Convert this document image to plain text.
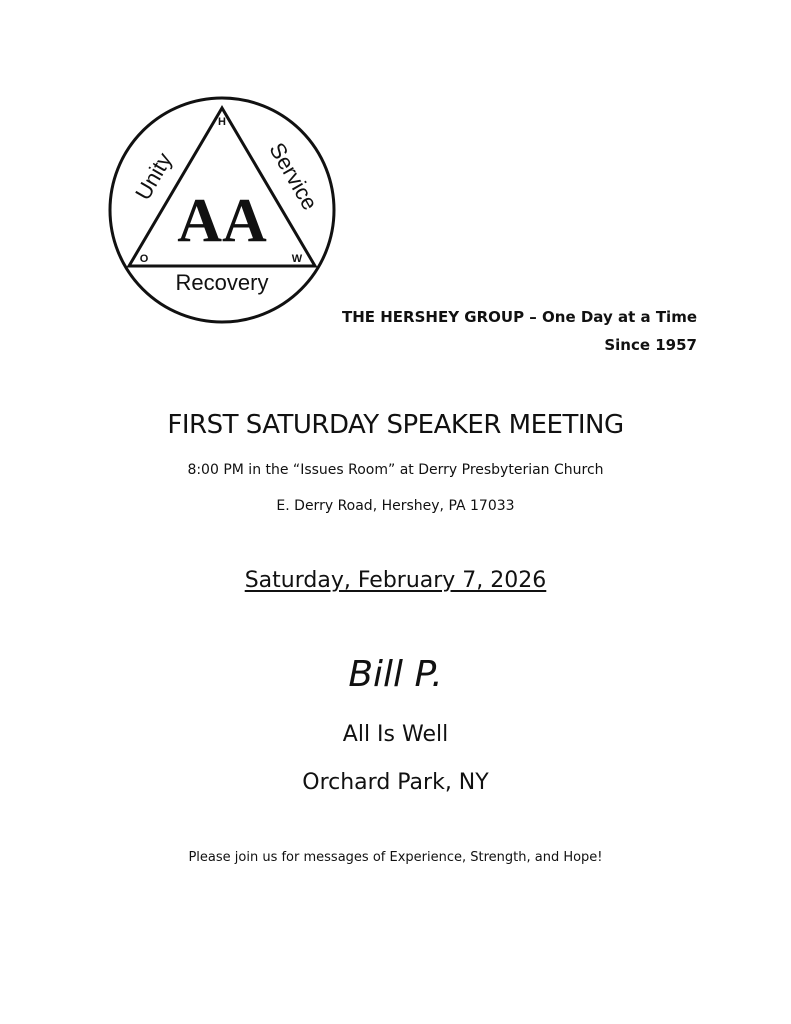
AA
H
O	W
Unity	Service
Recovery
THE HERSHEY GROUP – One Day at a Time
Since 1957
FIRST SATURDAY SPEAKER MEETING
8:00 PM in the “Issues Room” at Derry Presbyterian Church
E. Derry Road, Hershey, PA 17033
Saturday, February 7, 2026
Bill P.
All Is Well
Orchard Park, NY
Please join us for messages of Experience, Strength, and Hope!
